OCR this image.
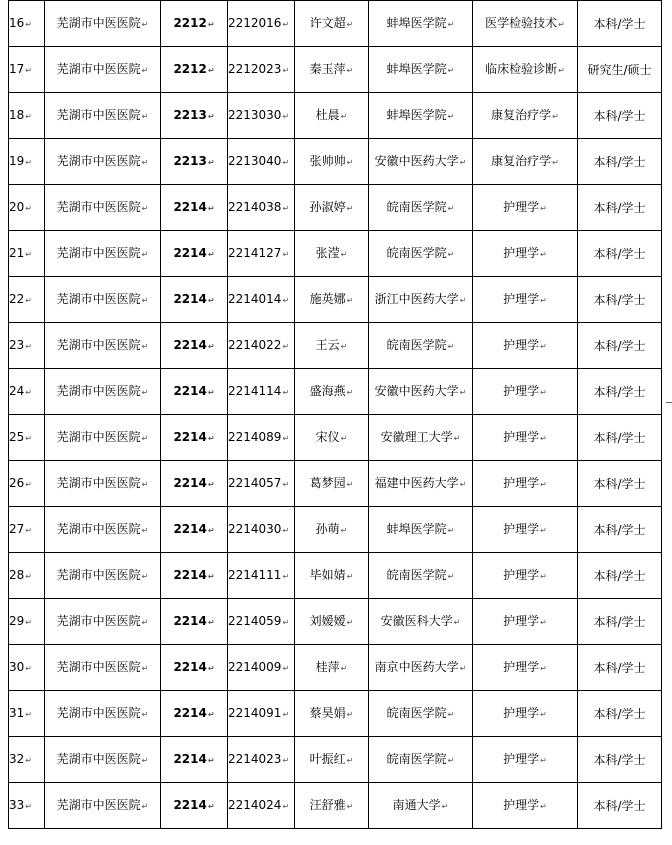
16↵	芜湖市中医医院↵	2212↵	2212016↵	许文超↵	蚌埠医学院↵	医学检验技术↵	本科/学士
17↵	芜湖市中医医院↵	2212↵	2212023↵	秦玉萍↵	蚌埠医学院↵	临床检验诊断↵	研究生/硕士
18↵	芜湖市中医医院↵	2213↵	2213030↵	杜晨↵	蚌埠医学院↵	康复治疗学↵	本科/学士
19↵	芜湖市中医医院↵	2213↵	2213040↵	张帅帅↵	安徽中医药大学↵	康复治疗学↵	本科/学士
20↵	芜湖市中医医院↵	2214↵	2214038↵	孙淑婷↵	皖南医学院↵	护理学↵	本科/学士
21↵	芜湖市中医医院↵	2214↵	2214127↵	张滢↵	皖南医学院↵	护理学↵	本科/学士
22↵	芜湖市中医医院↵	2214↵	2214014↵	施英娜↵	浙江中医药大学↵	护理学↵	本科/学士
23↵	芜湖市中医医院↵	2214↵	2214022↵	王云↵	皖南医学院↵	护理学↵	本科/学士
24↵	芜湖市中医医院↵	2214↵	2214114↵	盛海燕↵	安徽中医药大学↵	护理学↵	本科/学士
25↵	芜湖市中医医院↵	2214↵	2214089↵	宋仪↵	安徽理工大学↵	护理学↵	本科/学士
26↵	芜湖市中医医院↵	2214↵	2214057↵	葛梦园↵	福建中医药大学↵	护理学↵	本科/学士
27↵	芜湖市中医医院↵	2214↵	2214030↵	孙萌↵	蚌埠医学院↵	护理学↵	本科/学士
28↵	芜湖市中医医院↵	2214↵	2214111↵	毕如婧↵	皖南医学院↵	护理学↵	本科/学士
29↵	芜湖市中医医院↵	2214↵	2214059↵	刘嫒嫒↵	安徽医科大学↵	护理学↵	本科/学士
30↵	芜湖市中医医院↵	2214↵	2214009↵	桂萍↵	南京中医药大学↵	护理学↵	本科/学士
31↵	芜湖市中医医院↵	2214↵	2214091↵	蔡昊娟↵	皖南医学院↵	护理学↵	本科/学士
32↵	芜湖市中医医院↵	2214↵	2214023↵	叶振红↵	皖南医学院↵	护理学↵	本科/学士
33↵	芜湖市中医医院↵	2214↵	2214024↵	汪舒雅↵	南通大学↵	护理学↵	本科/学士
